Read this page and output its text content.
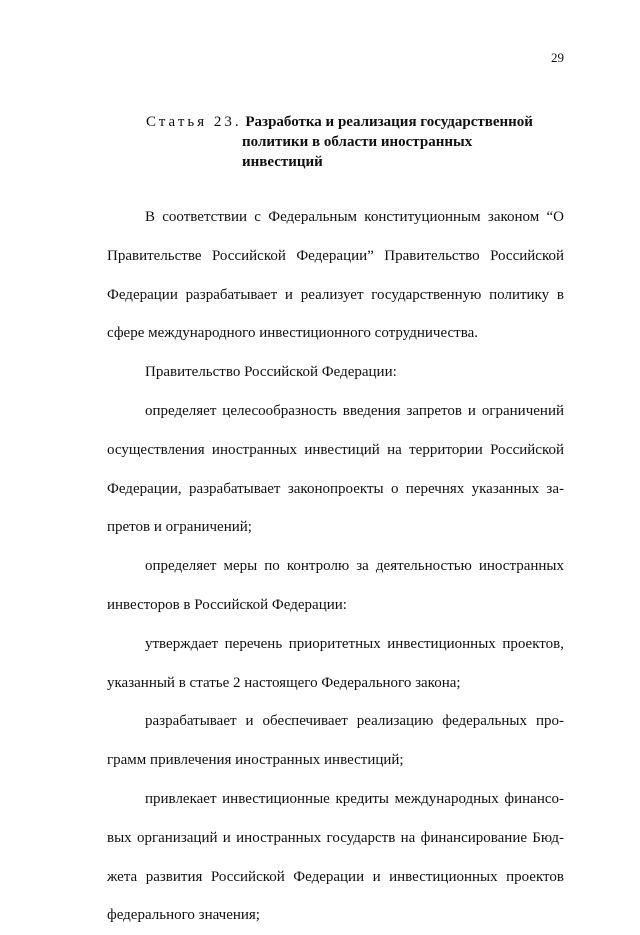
29
Статья 23. Разработка и реализация государственной
политики в области иностранных
инвестиций
В соответствии с Федеральным конституционным законом “О
Правительстве Российской Федерации” Правительство Российской
Федерации разрабатывает и реализует государственную политику в
сфере международного инвестиционного сотрудничества.
Правительство Российской Федерации:
определяет целесообразность введения запретов и ограничений
осуществления иностранных инвестиций на территории Российской
Федерации, разрабатывает законопроекты о перечнях указанных за-
претов и ограничений;
определяет меры по контролю за деятельностью иностранных
инвесторов в Российской Федерации:
утверждает перечень приоритетных инвестиционных проектов,
указанный в статье 2 настоящего Федерального закона;
разрабатывает и обеспечивает реализацию федеральных про-
грамм привлечения иностранных инвестиций;
привлекает инвестиционные кредиты международных финансо-
вых организаций и иностранных государств на финансирование Бюд-
жета развития Российской Федерации и инвестиционных проектов
федерального значения;
